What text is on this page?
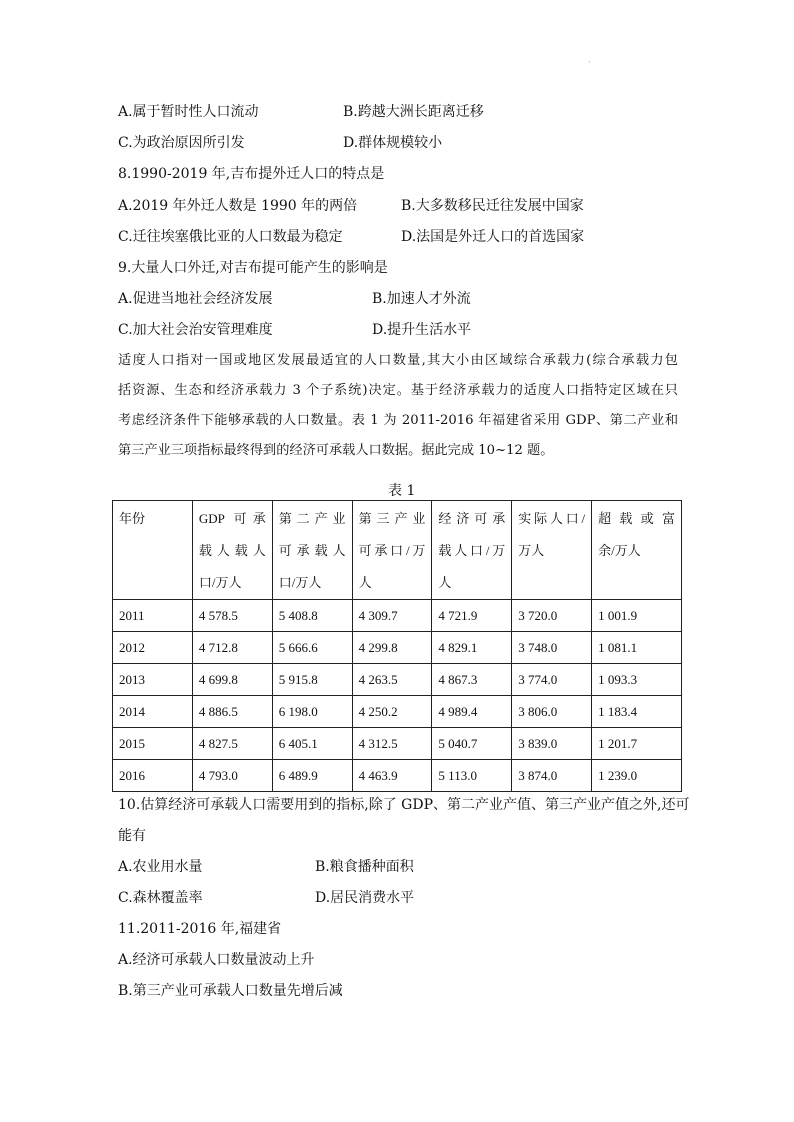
·
A.属于暂时性人口流动	B.跨越大洲长距离迁移
C.为政治原因所引发	D.群体规模较小
8.1990-2019 年,吉布提外迁人口的特点是
A.2019 年外迁人数是 1990 年的两倍	B.大多数移民迁往发展中国家
C.迁往埃塞俄比亚的人口数最为稳定	D.法国是外迁人口的首选国家
9.大量人口外迁,对吉布提可能产生的影响是
A.促进当地社会经济发展	B.加速人才外流
C.加大社会治安管理难度	D.提升生活水平
适度人口指对一国或地区发展最适宜的人口数量,其大小由区域综合承载力(综合承载力包
括资源、生态和经济承载力 3 个子系统)决定。基于经济承载力的适度人口指特定区域在只
考虑经济条件下能够承载的人口数量。表 1 为 2011-2016 年福建省采用 GDP、第二产业和
第三产业三项指标最终得到的经济可承载人口数据。据此完成 10~12 题。
表 1
年份	GDP 可承
载人载人
口/万人	第二产业
可承载人
口/万人	第三产业
可承口/万
人	经济可承
载人口/万
人	实际人口/
万人	超载或富
余/万人

2011	4 578.5	5 408.8	4 309.7	4 721.9	3 720.0	1 001.9
2012	4 712.8	5 666.6	4 299.8	4 829.1	3 748.0	1 081.1
2013	4 699.8	5 915.8	4 263.5	4 867.3	3 774.0	1 093.3
2014	4 886.5	6 198.0	4 250.2	4 989.4	3 806.0	1 183.4
2015	4 827.5	6 405.1	4 312.5	5 040.7	3 839.0	1 201.7
2016	4 793.0	6 489.9	4 463.9	5 113.0	3 874.0	1 239.0
10.估算经济可承载人口需要用到的指标,除了 GDP、第二产业产值、第三产业产值之外,还可
能有
A.农业用水量	B.粮食播种面积
C.森林覆盖率	D.居民消费水平
11.2011-2016 年,福建省
A.经济可承载人口数量波动上升
B.第三产业可承载人口数量先增后减
